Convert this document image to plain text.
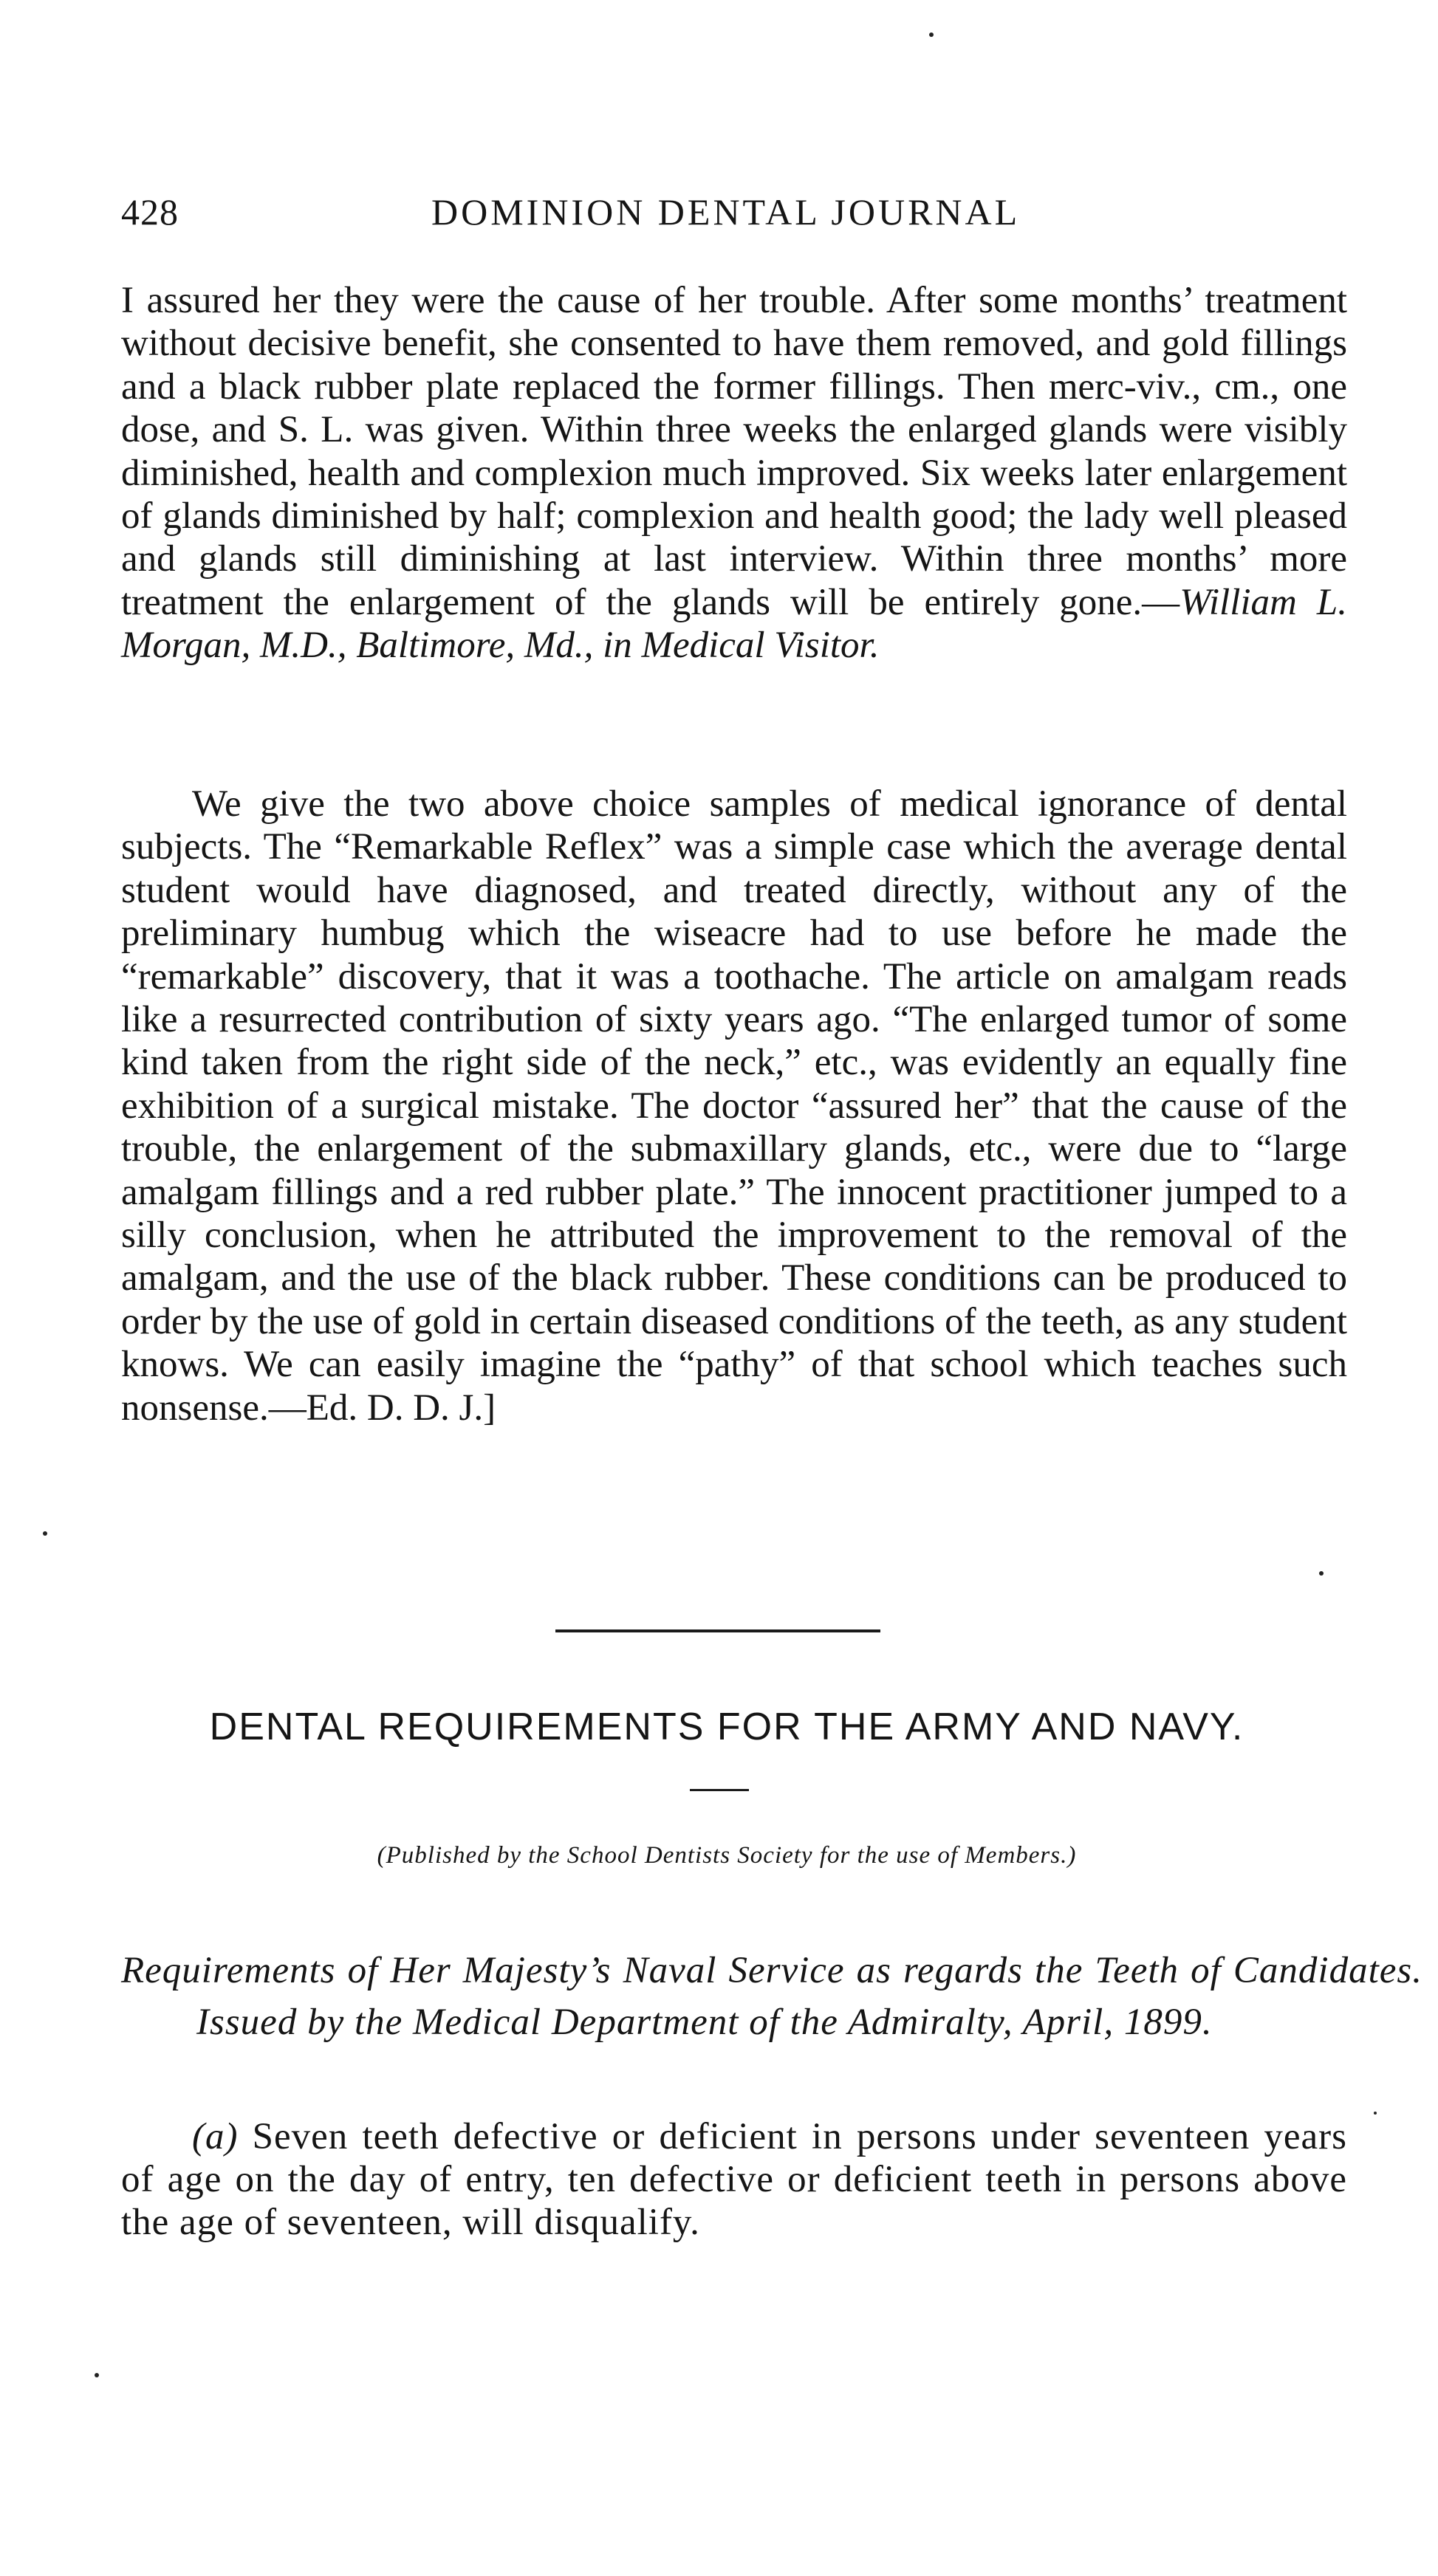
428	DOMINION DENTAL JOURNAL

I assured her they were the cause of her trouble. After some months’ treatment without decisive benefit, she consented to have them removed, and gold fillings and a black rubber plate replaced the former fillings. Then merc-viv., cm., one dose, and S. L. was given. Within three weeks the enlarged glands were visibly diminished, health and complexion much improved. Six weeks later enlargement of glands diminished by half; complexion and health good; the lady well pleased and glands still diminishing at last interview. Within three months’ more treatment the enlargement of the glands will be entirely gone.—William L. Morgan, M.D., Baltimore, Md., in Medical Visitor.

We give the two above choice samples of medical ignorance of dental subjects. The “Remarkable Reflex” was a simple case which the average dental student would have diagnosed, and treated directly, without any of the preliminary humbug which the wiseacre had to use before he made the “remarkable” discovery, that it was a toothache. The article on amalgam reads like a resurrected contribution of sixty years ago. “The enlarged tumor of some kind taken from the right side of the neck,” etc., was evidently an equally fine exhibition of a surgical mistake. The doctor “assured her” that the cause of the trouble, the enlargement of the submaxillary glands, etc., were due to “large amalgam fillings and a red rubber plate.” The innocent practitioner jumped to a silly conclusion, when he attributed the improvement to the removal of the amalgam, and the use of the black rubber. These conditions can be produced to order by the use of gold in certain diseased conditions of the teeth, as any student knows. We can easily imagine the “pathy” of that school which teaches such nonsense.—Ed. D. D. J.]

DENTAL REQUIREMENTS FOR THE ARMY AND NAVY.
(Published by the School Dentists Society for the use of Members.)

Requirements of Her Majesty’s Naval Service as regards the Teeth of Candidates. Issued by the Medical Department of the Admiralty, April, 1899.

(a) Seven teeth defective or deficient in persons under seventeen years of age on the day of entry, ten defective or deficient teeth in persons above the age of seventeen, will disqualify.
